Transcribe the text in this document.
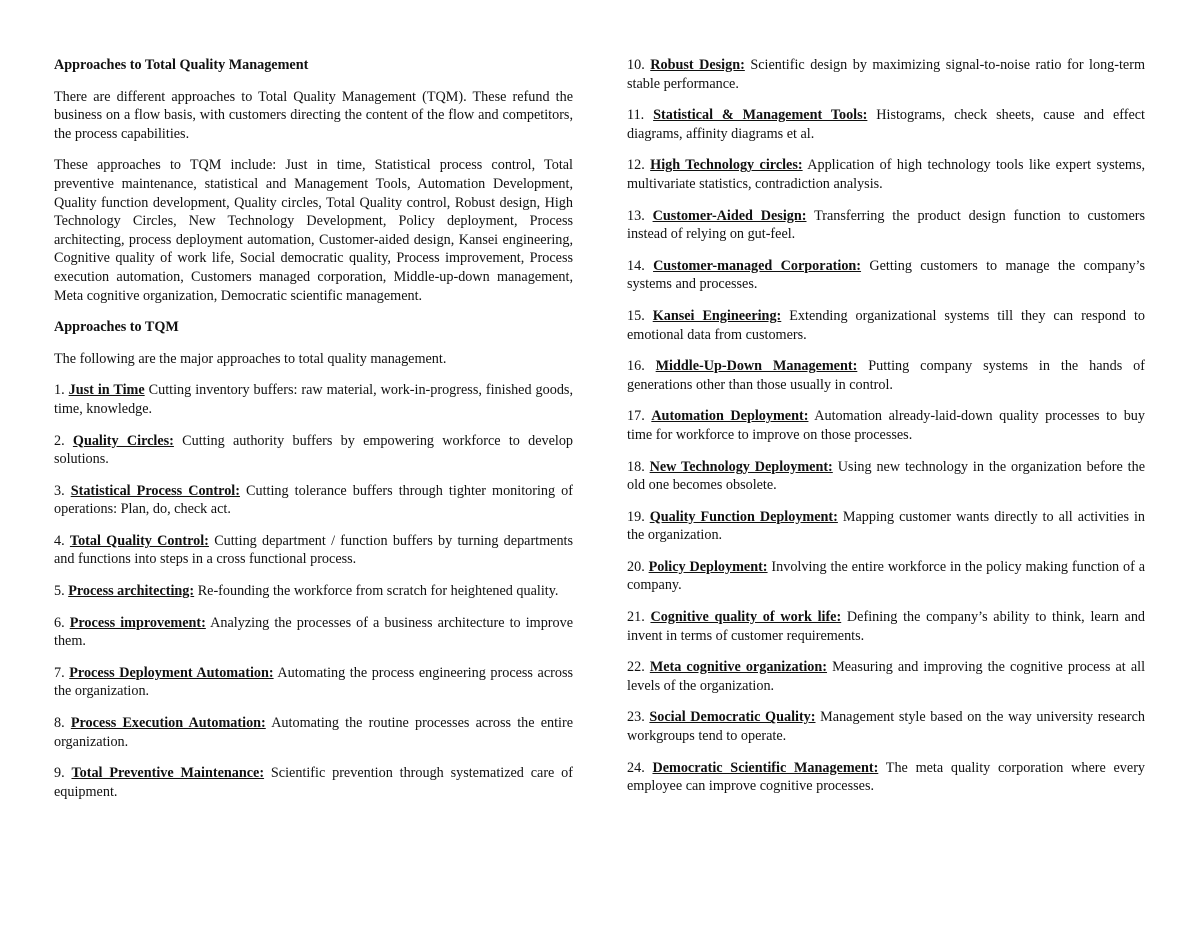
Approaches to Total Quality Management

There are different approaches to Total Quality Management (TQM). These refund the business on a flow basis, with customers directing the content of the flow and competitors, the process capabilities.

These approaches to TQM include: Just in time, Statistical process control, Total preventive maintenance, statistical and Management Tools, Automation Development, Quality function development, Quality circles, Total Quality control, Robust design, High Technology Circles, New Technology Development, Policy deployment, Process architecting, process deployment automation, Customer-aided design, Kansei engineering, Cognitive quality of work life, Social democratic quality, Process improvement, Process execution automation, Customers managed corporation, Middle-up-down management, Meta cognitive organization, Democratic scientific management.

Approaches to TQM

The following are the major approaches to total quality management.

1. Just in Time Cutting inventory buffers: raw material, work-in-progress, finished goods, time, knowledge.

2. Quality Circles: Cutting authority buffers by empowering workforce to develop solutions.

3. Statistical Process Control: Cutting tolerance buffers through tighter monitoring of operations: Plan, do, check act.

4. Total Quality Control: Cutting department / function buffers by turning departments and functions into steps in a cross functional process.

5. Process architecting: Re-founding the workforce from scratch for heightened quality.

6. Process improvement: Analyzing the processes of a business architecture to improve them.

7. Process Deployment Automation: Automating the process engineering process across the organization.

8. Process Execution Automation: Automating the routine processes across the entire organization.

9. Total Preventive Maintenance: Scientific prevention through systematized care of equipment.

10. Robust Design: Scientific design by maximizing signal-to-noise ratio for long-term stable performance.

11. Statistical & Management Tools: Histograms, check sheets, cause and effect diagrams, affinity diagrams et al.

12. High Technology circles: Application of high technology tools like expert systems, multivariate statistics, contradiction analysis.

13. Customer-Aided Design: Transferring the product design function to customers instead of relying on gut-feel.

14. Customer-managed Corporation: Getting customers to manage the company’s systems and processes.

15. Kansei Engineering: Extending organizational systems till they can respond to emotional data from customers.

16. Middle-Up-Down Management: Putting company systems in the hands of generations other than those usually in control.

17. Automation Deployment: Automation already-laid-down quality processes to buy time for workforce to improve on those processes.

18. New Technology Deployment: Using new technology in the organization before the old one becomes obsolete.

19. Quality Function Deployment: Mapping customer wants directly to all activities in the organization.

20. Policy Deployment: Involving the entire workforce in the policy making function of a company.

21. Cognitive quality of work life: Defining the company’s ability to think, learn and invent in terms of customer requirements.

22. Meta cognitive organization: Measuring and improving the cognitive process at all levels of the organization.

23. Social Democratic Quality: Management style based on the way university research workgroups tend to operate.

24. Democratic Scientific Management: The meta quality corporation where every employee can improve cognitive processes.
